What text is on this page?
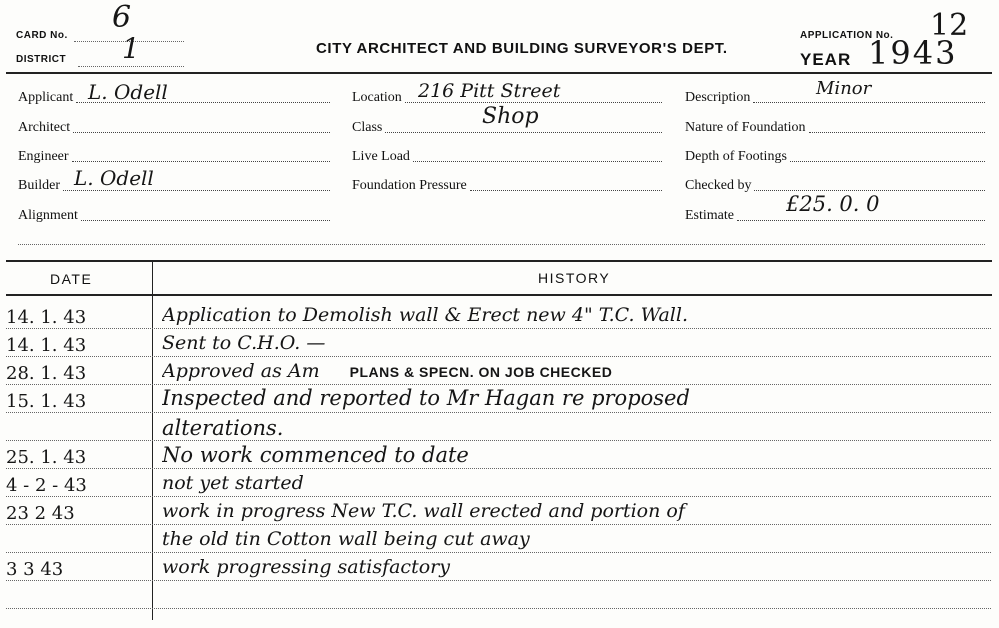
CARD No.
6
DISTRICT 1	CITY ARCHITECT AND BUILDING SURVEYOR'S DEPT.
APPLICATION No. 12
YEAR 1943
Applicant L. Odell
Architect
Engineer
Builder L. Odell
Alignment
Location 216 Pitt Street
Class	Shop
Live Load
Foundation Pressure
Description	Minor
Nature of Foundation
Depth of Footings
Checked by
Estimate £25. 0. 0
DATE	HISTORY
14. 1. 43	Application to Demolish wall & Erect new 4" T.C. Wall.
14. 1. 43	Sent to C.H.O. —
28. 1. 43	Approved as Am PLANS & SPECN. ON JOB CHECKED
15. 1. 43	Inspected and reported to Mr Hagan re proposed
alterations.
25. 1. 43	No work commenced to date
4 - 2 - 43	not yet started
23 2 43	work in progress New T.C. wall erected and portion of
the old tin Cotton wall being cut away
3 3 43	work progressing satisfactory
